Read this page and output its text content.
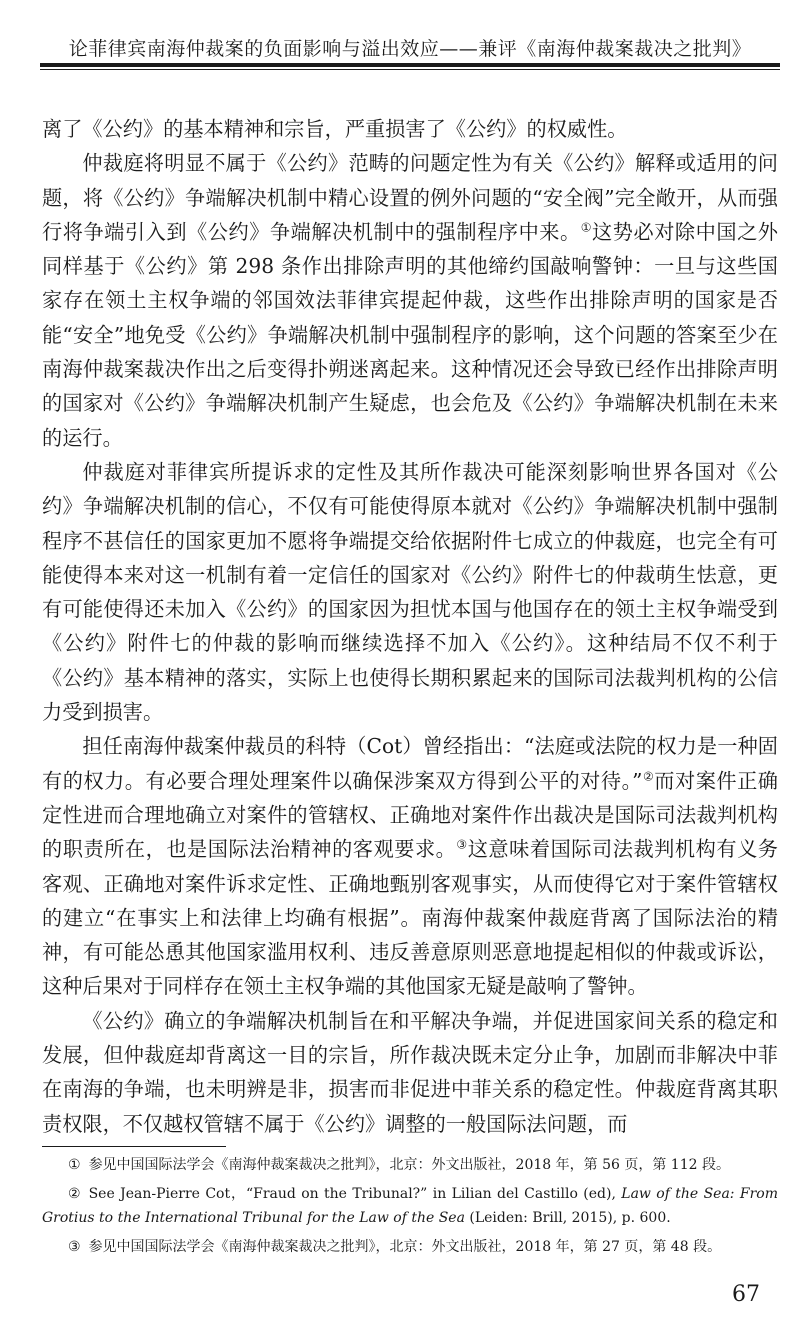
论菲律宾南海仲裁案的负面影响与溢出效应——兼评《南海仲裁案裁决之批判》

离了《公约》的基本精神和宗旨，严重损害了《公约》的权威性。

仲裁庭将明显不属于《公约》范畴的问题定性为有关《公约》解释或适用的问题，将《公约》争端解决机制中精心设置的例外问题的“安全阀”完全敞开，从而强行将争端引入到《公约》争端解决机制中的强制程序中来。①这势必对除中国之外同样基于《公约》第 298 条作出排除声明的其他缔约国敲响警钟：一旦与这些国家存在领土主权争端的邻国效法菲律宾提起仲裁，这些作出排除声明的国家是否能“安全”地免受《公约》争端解决机制中强制程序的影响，这个问题的答案至少在南海仲裁案裁决作出之后变得扑朔迷离起来。这种情况还会导致已经作出排除声明的国家对《公约》争端解决机制产生疑虑，也会危及《公约》争端解决机制在未来的运行。

仲裁庭对菲律宾所提诉求的定性及其所作裁决可能深刻影响世界各国对《公约》争端解决机制的信心，不仅有可能使得原本就对《公约》争端解决机制中强制程序不甚信任的国家更加不愿将争端提交给依据附件七成立的仲裁庭，也完全有可能使得本来对这一机制有着一定信任的国家对《公约》附件七的仲裁萌生怯意，更有可能使得还未加入《公约》的国家因为担忧本国与他国存在的领土主权争端受到《公约》附件七的仲裁的影响而继续选择不加入《公约》。这种结局不仅不利于《公约》基本精神的落实，实际上也使得长期积累起来的国际司法裁判机构的公信力受到损害。

担任南海仲裁案仲裁员的科特（Cot）曾经指出：“法庭或法院的权力是一种固有的权力。有必要合理处理案件以确保涉案双方得到公平的对待。”②而对案件正确定性进而合理地确立对案件的管辖权、正确地对案件作出裁决是国际司法裁判机构的职责所在，也是国际法治精神的客观要求。③这意味着国际司法裁判机构有义务客观、正确地对案件诉求定性、正确地甄别客观事实，从而使得它对于案件管辖权的建立“在事实上和法律上均确有根据”。南海仲裁案仲裁庭背离了国际法治的精神，有可能怂恿其他国家滥用权利、违反善意原则恶意地提起相似的仲裁或诉讼，这种后果对于同样存在领土主权争端的其他国家无疑是敲响了警钟。

《公约》确立的争端解决机制旨在和平解决争端，并促进国家间关系的稳定和发展，但仲裁庭却背离这一目的宗旨，所作裁决既未定分止争，加剧而非解决中菲在南海的争端，也未明辨是非，损害而非促进中菲关系的稳定性。仲裁庭背离其职责权限，不仅越权管辖不属于《公约》调整的一般国际法问题，而

① 参见中国国际法学会《南海仲裁案裁决之批判》，北京：外文出版社，2018 年，第 56 页，第 112 段。

② See Jean-Pierre Cot，“Fraud on the Tribunal?” in Lilian del Castillo (ed), Law of the Sea: From Grotius to the International Tribunal for the Law of the Sea (Leiden: Brill, 2015), p. 600.

③ 参见中国国际法学会《南海仲裁案裁决之批判》，北京：外文出版社，2018 年，第 27 页，第 48 段。

67
